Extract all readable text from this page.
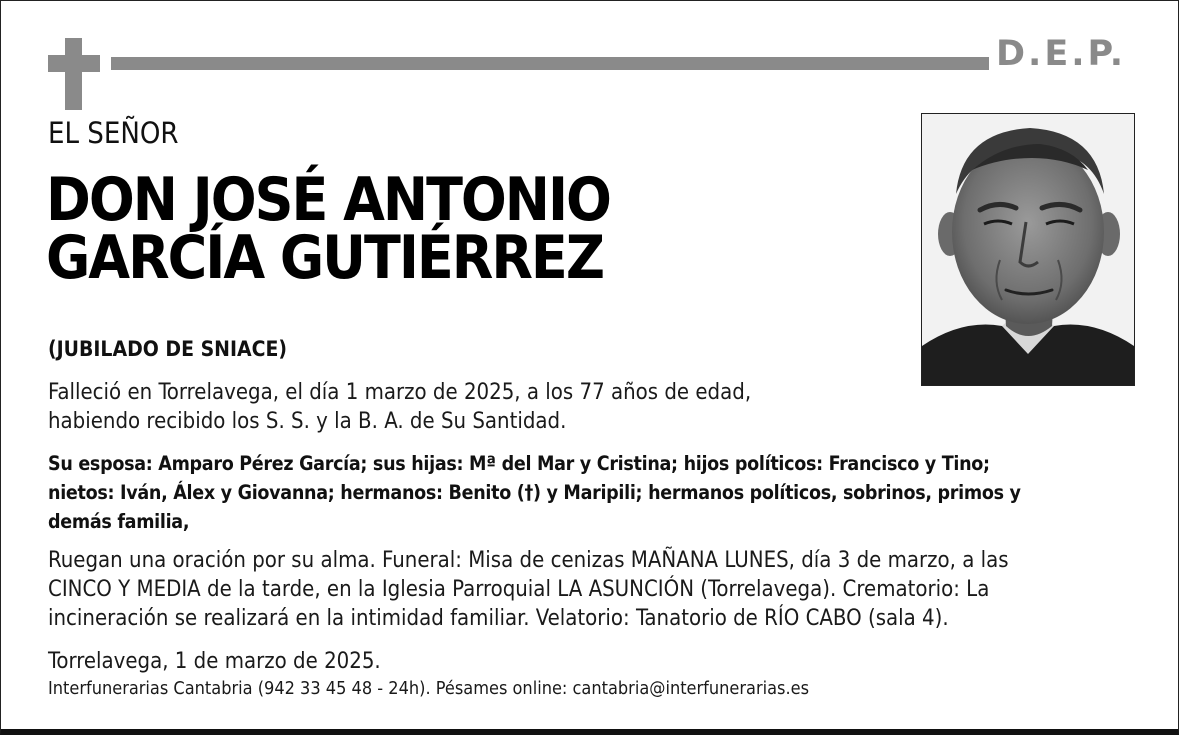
D.E.P.
EL SEÑOR
DON JOSÉ ANTONIO
GARCÍA GUTIÉRREZ
(JUBILADO DE SNIACE)
Falleció en Torrelavega, el día 1 marzo de 2025, a los 77 años de edad,
habiendo recibido los S. S. y la B. A. de Su Santidad.
Su esposa: Amparo Pérez García; sus hijas: Mª del Mar y Cristina; hijos políticos: Francisco y Tino;
nietos: Iván, Álex y Giovanna; hermanos: Benito (†) y Maripili; hermanos políticos, sobrinos, primos y
demás familia,
Ruegan una oración por su alma. Funeral: Misa de cenizas MAÑANA LUNES, día 3 de marzo, a las
CINCO Y MEDIA de la tarde, en la Iglesia Parroquial LA ASUNCIÓN (Torrelavega). Crematorio: La
incineración se realizará en la intimidad familiar. Velatorio: Tanatorio de RÍO CABO (sala 4).
Torrelavega, 1 de marzo de 2025.
Interfunerarias Cantabria (942 33 45 48 - 24h). Pésames online: cantabria@interfunerarias.es
